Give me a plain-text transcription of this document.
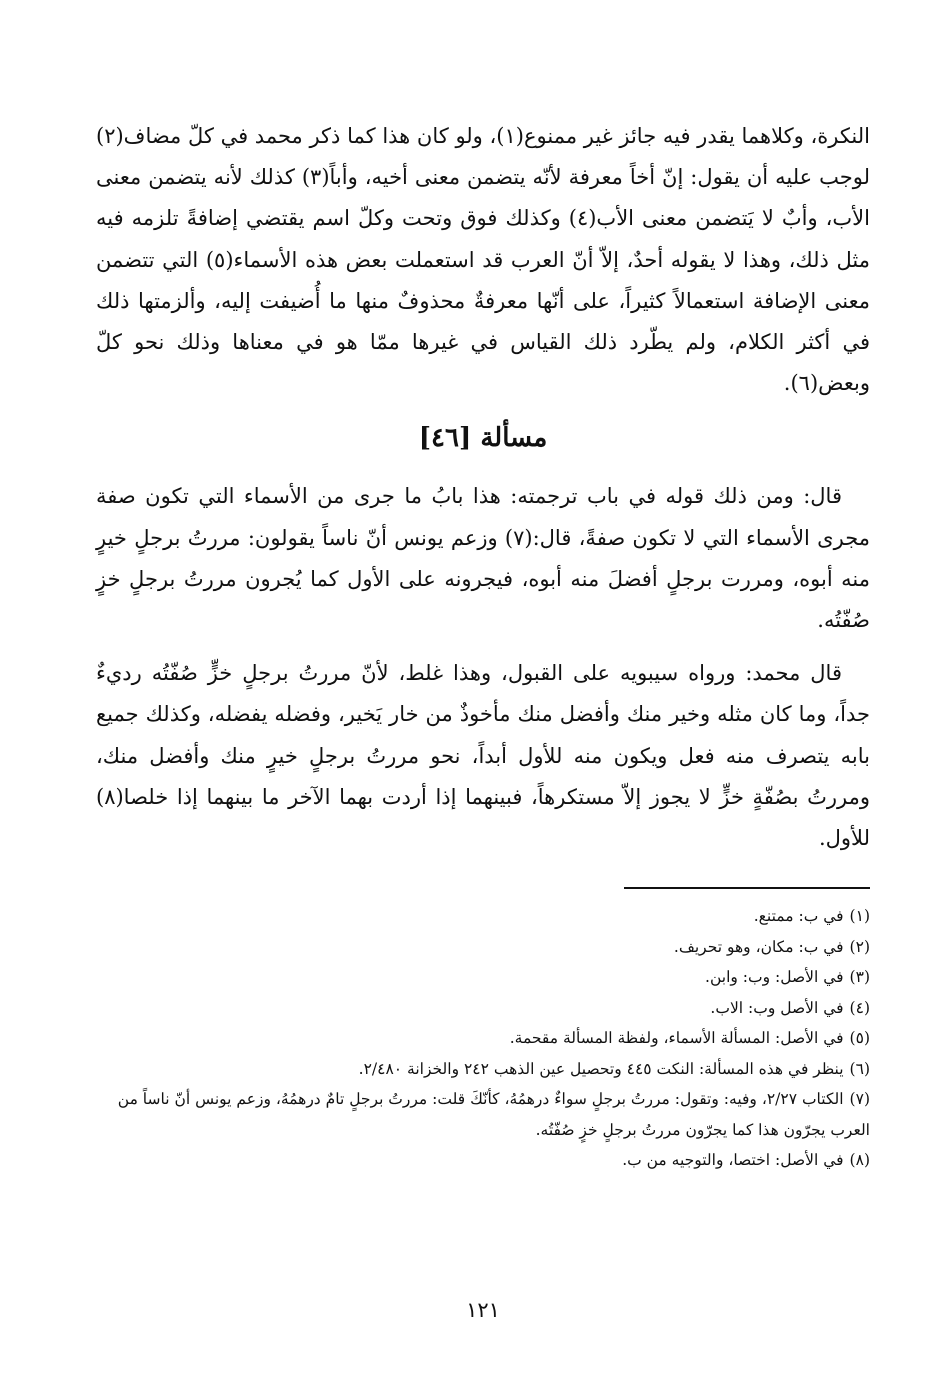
النكرة، وكلاهما يقدر فيه جائز غير ممنوع(١)، ولو كان هذا كما ذكر محمد في كلّ مضاف(٢) لوجب عليه أن يقول: إنّ أخاً معرفة لأنّه يتضمن معنى أخيه، وأباً(٣) كذلك لأنه يتضمن معنى الأب، وأبٌ لا يَتضمن معنى الأب(٤) وكذلك فوق وتحت وكلّ اسم يقتضي إضافةً تلزمه فيه مثل ذلك، وهذا لا يقوله أحدٌ، إلاّ أنّ العرب قد استعملت بعض هذه الأسماء(٥) التي تتضمن معنى الإضافة استعمالاً كثيراً، على أنّها معرفةٌ محذوفٌ منها ما أُضيفت إليه، وألزمتها ذلك في أكثر الكلام، ولم يطّرد ذلك القياس في غيرها ممّا هو في معناها وذلك نحو كلّ وبعض(٦).

مسألة [٤٦]

قال: ومن ذلك قوله في باب ترجمته: هذا بابُ ما جرى من الأسماء التي تكون صفة مجرى الأسماء التي لا تكون صفةً، قال:(٧) وزعم يونس أنّ ناساً يقولون: مررتُ برجلٍ خيرٍ منه أبوه، ومررت برجلٍ أفضلَ منه أبوه، فيجرونه على الأول كما يُجرون مررتُ برجلٍ خزٍ صُفّتُه.

قال محمد: ورواه سيبويه على القبول، وهذا غلط، لأنّ مررتُ برجلٍ خزٍّ صُفّتُه رديءٌ جداً، وما كان مثله وخير منك وأفضل منك مأخوذٌ من خار يَخير، وفضله يفضله، وكذلك جميع بابه يتصرف منه فعل ويكون منه للأول أبداً، نحو مررتُ برجلٍ خيرٍ منك وأفضل منك، ومررتُ بصُفّةٍ خزٍّ لا يجوز إلاّ مستكرهاً، فبينهما إذا أردت بهما الآخر ما بينهما إذا خلصا(٨) للأول.

(١)في ب: ممتنع.
(٢)في ب: مكان، وهو تحريف.
(٣)في الأصل: وب: وابن.
(٤)في الأصل وب: الاب.
(٥)في الأصل: المسألة الأسماء، ولفظة المسألة مقحمة.
(٦)ينظر في هذه المسألة: النكت ٤٤٥ وتحصيل عين الذهب ٢٤٢ والخزانة ٢/٤٨٠.
(٧)الكتاب ٢/٢٧، وفيه: وتقول: مررتُ برجلٍ سواءٌ درهمُهُ، كأنّكَ قلت: مررتُ برجلٍ تامٌ درهمُهُ، وزعم يونس أنّ ناساً من العرب يجرّون هذا كما يجرّون مررتُ برجلٍ خزٍ صُفّتُه.
(٨)في الأصل: اختصا، والتوجيه من ب.
١٢١
